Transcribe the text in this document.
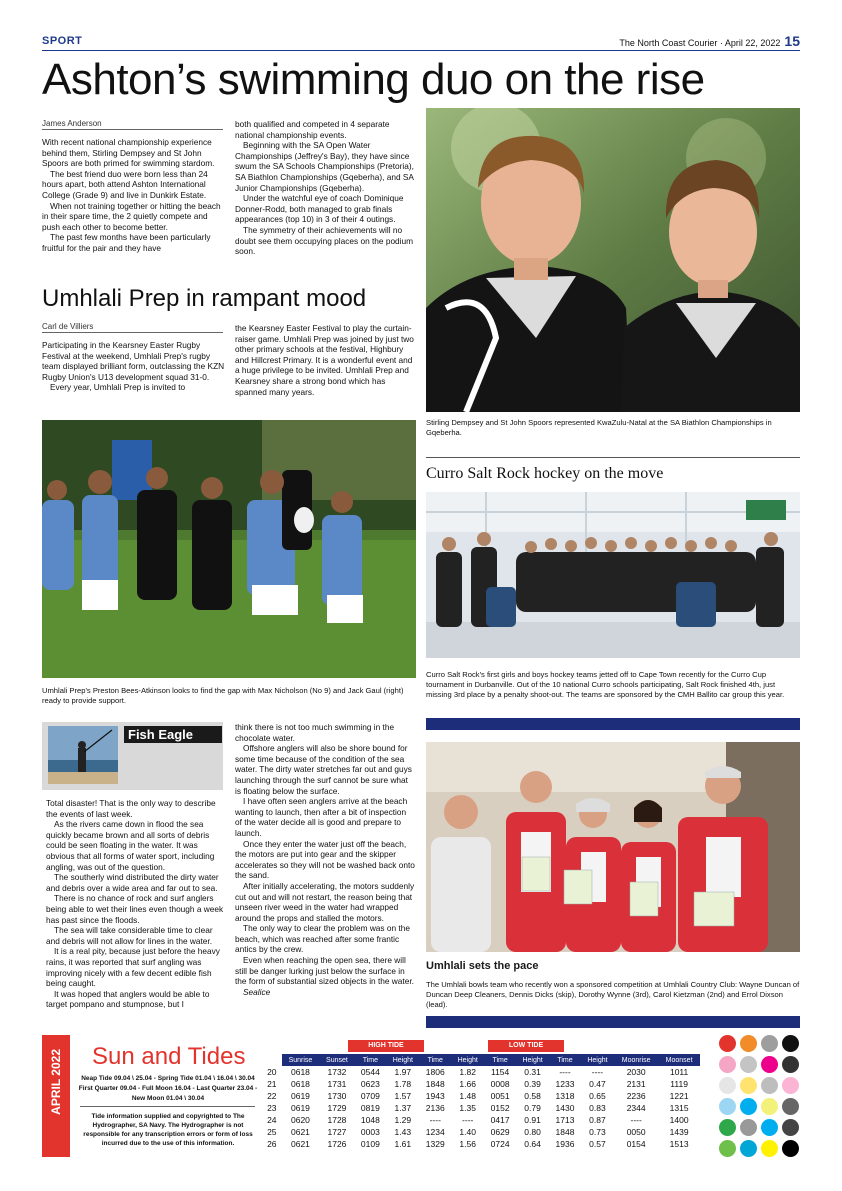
SPORT	The North Coast Courier · April 22, 2022 15
Ashton’s swimming duo on the rise
James Anderson

With recent national championship experience behind them, Stirling Dempsey and St John Spoors are both primed for swimming stardom.

The best friend duo were born less than 24 hours apart, both attend Ashton International College (Grade 9) and live in Dunkirk Estate.

When not training together or hitting the beach in their spare time, the 2 quietly compete and push each other to become better.

The past few months have been particularly fruitful for the pair and they have

both qualified and competed in 4 separate national championship events.

Beginning with the SA Open Water Championships (Jeffrey's Bay), they have since swum the SA Schools Championships (Pretoria), SA Biathlon Championships (Gqeberha), and SA Junior Championships (Gqeberha).

Under the watchful eye of coach Dominique Donner-Rodd, both managed to grab finals appearances (top 10) in 3 of their 4 outings.

The symmetry of their achievements will no doubt see them occupying places on the podium soon.

Stirling Dempsey and St John Spoors represented KwaZulu-Natal at the SA Biathlon Championships in Gqeberha.
Umhlali Prep in rampant mood
Carl de Villiers

Participating in the Kearsney Easter Rugby Festival at the weekend, Umhlali Prep's rugby team displayed brilliant form, outclassing the KZN Rugby Union's U13 development squad 31-0.

Every year, Umhlali Prep is invited to

the Kearsney Easter Festival to play the curtain-raiser game. Umhlali Prep was joined by just two other primary schools at the festival, Highbury and Hillcrest Primary. It is a wonderful event and a huge privilege to be invited. Umhlali Prep and Kearsney share a strong bond which has spanned many years.

Umhlali Prep's Preston Bees-Atkinson looks to find the gap with Max Nicholson (No 9) and Jack Gaul (right) ready to provide support.
Curro Salt Rock hockey on the move
Curro Salt Rock's first girls and boys hockey teams jetted off to Cape Town recently for the Curro Cup tournament in Durbanville. Out of the 10 national Curro schools participating, Salt Rock finished 4th, just missing 3rd place by a penalty shoot-out. The teams are sponsored by the CMH Ballito car group this year.
Fish Eagle

Total disaster! That is the only way to describe the events of last week.

As the rivers came down in flood the sea quickly became brown and all sorts of debris could be seen floating in the water. It was obvious that all forms of water sport, including angling, was out of the question.

The southerly wind distributed the dirty water and debris over a wide area and far out to sea.

There is no chance of rock and surf anglers being able to wet their lines even though a week has past since the floods.

The sea will take considerable time to clear and debris will not allow for lines in the water.

It is a real pity, because just before the heavy rains, it was reported that surf angling was improving nicely with a few decent edible fish being caught.

It was hoped that anglers would be able to target pompano and stumpnose, but I

think there is not too much swimming in the chocolate water.

Offshore anglers will also be shore bound for some time because of the condition of the sea water. The dirty water stretches far out and guys launching through the surf cannot be sure what is floating below the surface.

I have often seen anglers arrive at the beach wanting to launch, then after a bit of inspection of the water decide all is good and prepare to launch.

Once they enter the water just off the beach, the motors are put into gear and the skipper accelerates so they will not be washed back onto the sand.

After initially accelerating, the motors suddenly cut out and will not restart, the reason being that unseen river weed in the water had wrapped around the props and stalled the motors.

The only way to clear the problem was on the beach, which was reached after some frantic antics by the crew.

Even when reaching the open sea, there will still be danger lurking just below the surface in the form of substantial sized objects in the water.

Sealice

Umhlali sets the pace
The Umhlali bowls team who recently won a sponsored competition at Umhlali Country Club: Wayne Duncan of Duncan Deep Cleaners, Dennis Dicks (skip), Dorothy Wynne (3rd), Carol Kietzman (2nd) and Errol Dixson (lead).
APRIL 2022 Sun and Tides
Neap Tide 09.04 \ 25.04 - Spring Tide 01.04 \ 16.04 \ 30.04
First Quarter 09.04 - Full Moon 16.04 - Last Quarter 23.04 - New Moon 01.04 \ 30.04
Tide information supplied and copyrighted to The Hydrographer, SA Navy. The Hydrographer is not responsible for any transcription errors or form of loss incurred due to the use of this information.
HIGH TIDE	LOW TIDE
	Sunrise	Sunset	Time	Height	Time	Height	Time	Height	Time	Height	Moonrise	Moonset
20	0618	1732	0544	1.97	1806	1.82	1154	0.31	----	----	2030	1011
21	0618	1731	0623	1.78	1848	1.66	0008	0.39	1233	0.47	2131	1119
22	0619	1730	0709	1.57	1943	1.48	0051	0.58	1318	0.65	2236	1221
23	0619	1729	0819	1.37	2136	1.35	0152	0.79	1430	0.83	2344	1315
24	0620	1728	1048	1.29	----	----	0417	0.91	1713	0.87	----	1400
25	0621	1727	0003	1.43	1234	1.40	0629	0.80	1848	0.73	0050	1439
26	0621	1726	0109	1.61	1329	1.56	0724	0.64	1936	0.57	0154	1513
